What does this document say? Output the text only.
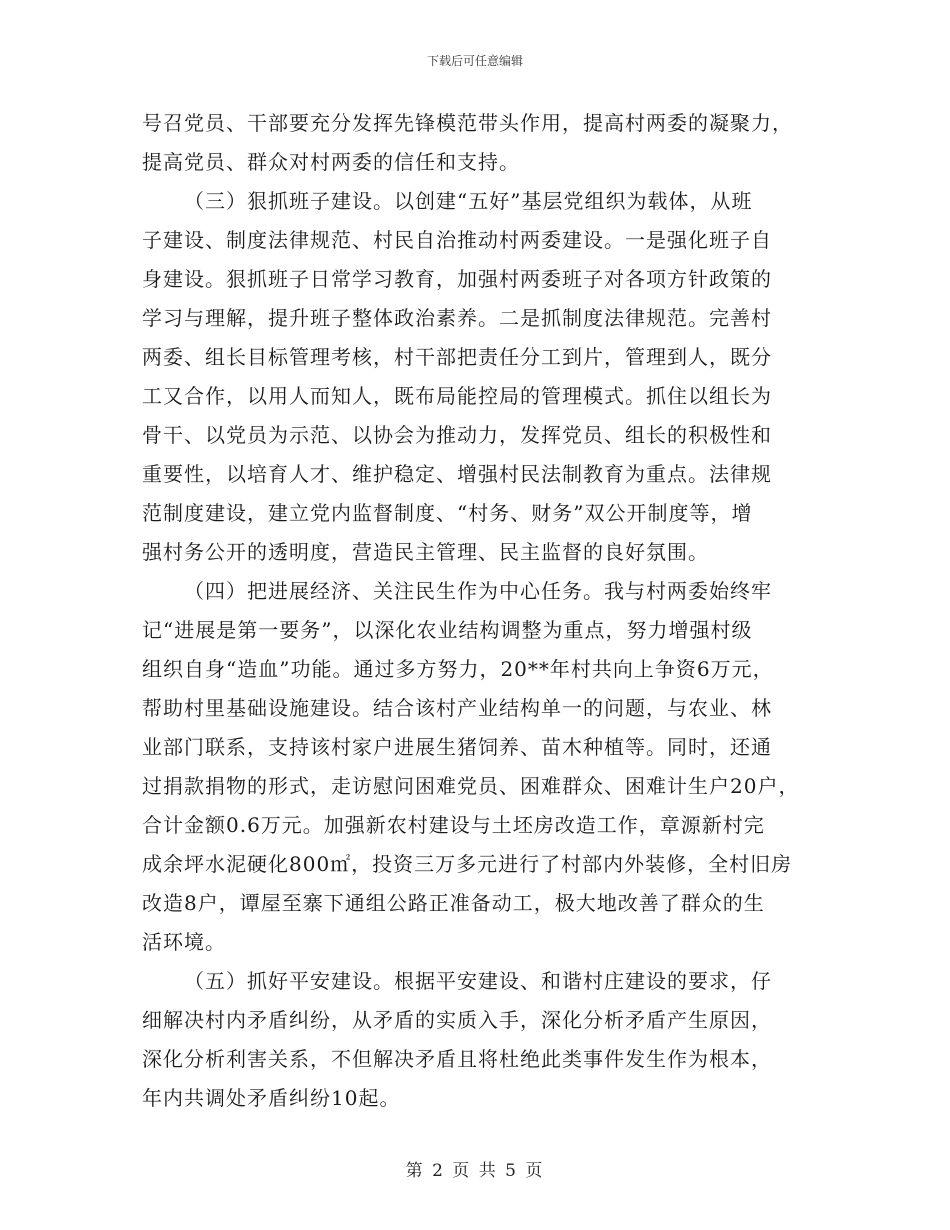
下载后可任意编辑
号召党员、干部要充分发挥先锋模范带头作用，提高村两委的凝聚力，
提高党员、群众对村两委的信任和支持。
（三）狠抓班子建设。以创建“五好”基层党组织为载体，从班
子建设、制度法律规范、村民自治推动村两委建设。一是强化班子自
身建设。狠抓班子日常学习教育，加强村两委班子对各项方针政策的
学习与理解，提升班子整体政治素养。二是抓制度法律规范。完善村
两委、组长目标管理考核，村干部把责任分工到片，管理到人，既分
工又合作，以用人而知人，既布局能控局的管理模式。抓住以组长为
骨干、以党员为示范、以协会为推动力，发挥党员、组长的积极性和
重要性，以培育人才、维护稳定、增强村民法制教育为重点。法律规
范制度建设，建立党内监督制度、“村务、财务”双公开制度等，增
强村务公开的透明度，营造民主管理、民主监督的良好氛围。
（四）把进展经济、关注民生作为中心任务。我与村两委始终牢
记“进展是第一要务”，以深化农业结构调整为重点，努力增强村级
组织自身“造血”功能。通过多方努力，20**年村共向上争资6万元，
帮助村里基础设施建设。结合该村产业结构单一的问题，与农业、林
业部门联系，支持该村家户进展生猪饲养、苗木种植等。同时，还通
过捐款捐物的形式，走访慰问困难党员、困难群众、困难计生户20户，
合计金额0.6万元。加强新农村建设与土坯房改造工作，章源新村完
成余坪水泥硬化800㎡，投资三万多元进行了村部内外装修，全村旧房
改造8户，谭屋至寨下通组公路正准备动工，极大地改善了群众的生
活环境。
（五）抓好平安建设。根据平安建设、和谐村庄建设的要求，仔
细解决村内矛盾纠纷，从矛盾的实质入手，深化分析矛盾产生原因，
深化分析利害关系，不但解决矛盾且将杜绝此类事件发生作为根本，
年内共调处矛盾纠纷10起。
第 2 页 共 5 页
